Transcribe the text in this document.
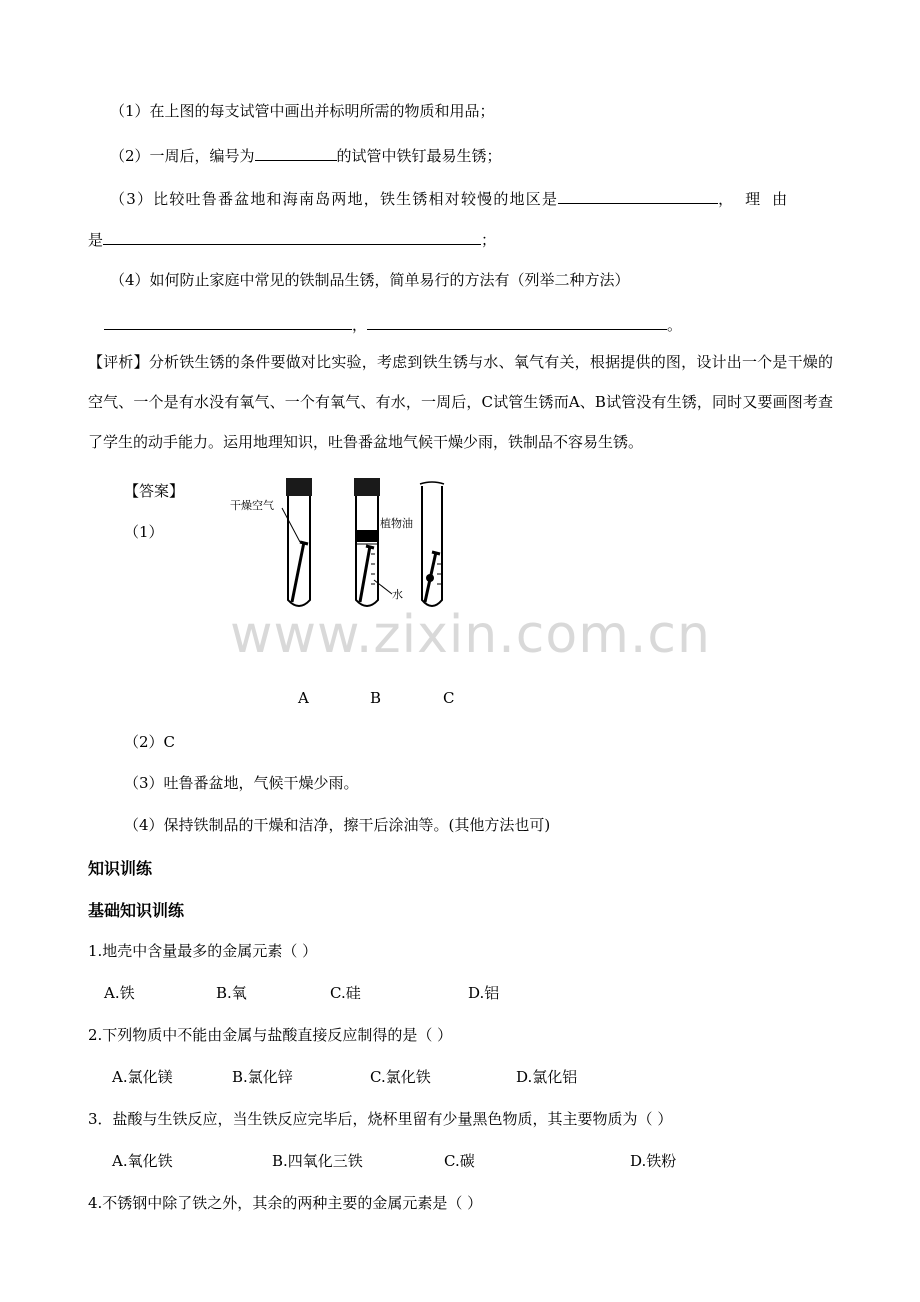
（1）在上图的每支试管中画出并标明所需的物质和用品；
（2）一周后，编号为	的试管中铁钉最易生锈；
（3）比较吐鲁番盆地和海南岛两地，铁生锈相对较慢的地区是	，理由
是	；
（4）如何防止家庭中常见的铁制品生锈，简单易行的方法有（列举二种方法）
，	。
【评析】分析铁生锈的条件要做对比实验，考虑到铁生锈与水、氧气有关，根据提供的图，设计出一个是干燥的空气、一个是有水没有氧气、一个有氧气、有水，一周后，C试管生锈而A、B试管没有生锈，同时又要画图考查了学生的动手能力。运用地理知识，吐鲁番盆地气候干燥少雨，铁制品不容易生锈。
【答案】
（1）
干燥空气
植物油
水
www.zixin.com.cn
A	B	C
（2）C
（3）吐鲁番盆地，气候干燥少雨。
（4）保持铁制品的干燥和洁净，擦干后涂油等。(其他方法也可)
知识训练
基础知识训练
1.地壳中含量最多的金属元素（ ）
A.铁	B.氧	C.硅	D.铝
2.下列物质中不能由金属与盐酸直接反应制得的是（ ）
A.氯化镁	B.氯化锌	C.氯化铁	D.氯化铝
3．盐酸与生铁反应，当生铁反应完毕后，烧杯里留有少量黑色物质，其主要物质为（ ）
A.氧化铁	B.四氧化三铁	C.碳	D.铁粉
4.不锈钢中除了铁之外，其余的两种主要的金属元素是（ ）
